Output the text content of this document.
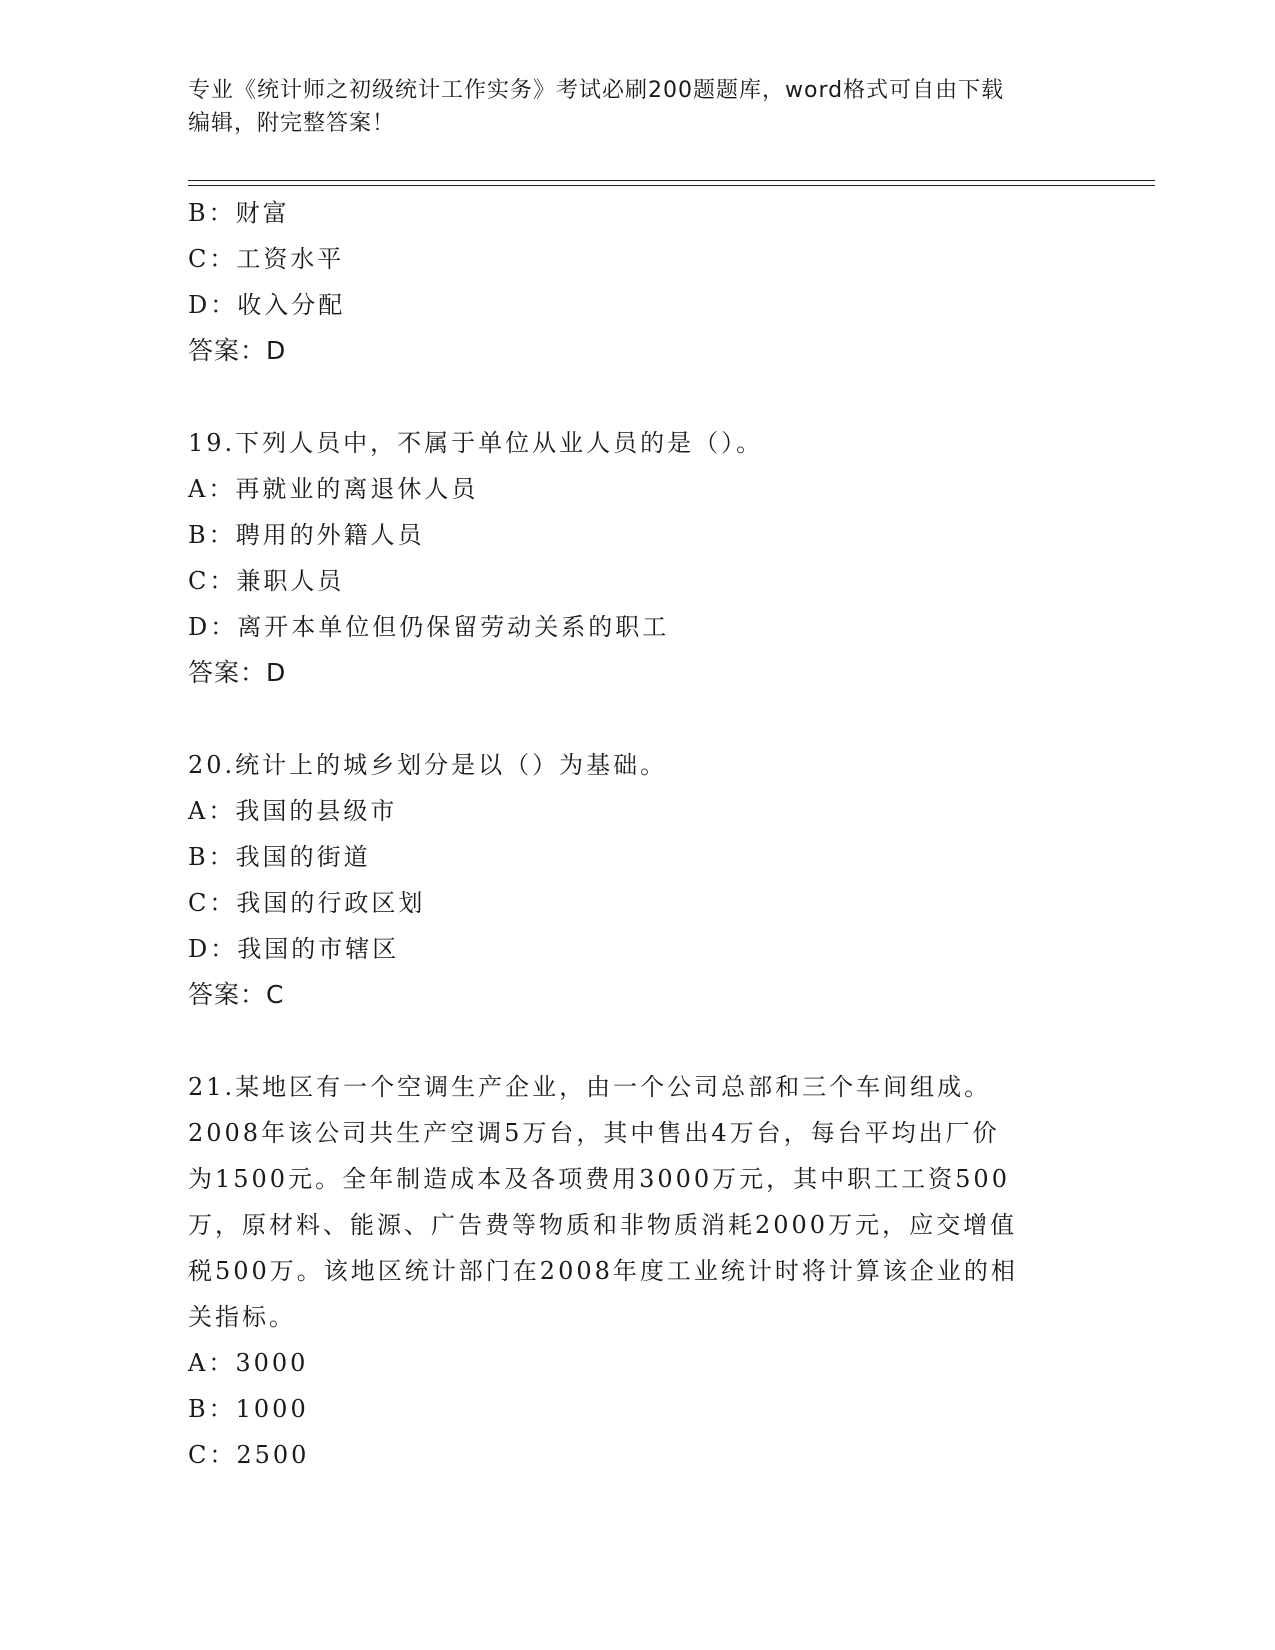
专业《统计师之初级统计工作实务》考试必刷200题题库，word格式可自由下载
编辑，附完整答案！
B：财富
C：工资水平
D：收入分配
答案：D
19.下列人员中，不属于单位从业人员的是（）。
A：再就业的离退休人员
B：聘用的外籍人员
C：兼职人员
D：离开本单位但仍保留劳动关系的职工
答案：D
20.统计上的城乡划分是以（）为基础。
A：我国的县级市
B：我国的街道
C：我国的行政区划
D：我国的市辖区
答案：C
21.某地区有一个空调生产企业，由一个公司总部和三个车间组成。
2008年该公司共生产空调5万台，其中售出4万台，每台平均出厂价
为1500元。全年制造成本及各项费用3000万元，其中职工工资500
万，原材料、能源、广告费等物质和非物质消耗2000万元，应交增值
税500万。该地区统计部门在2008年度工业统计时将计算该企业的相
关指标。
A：3000
B：1000
C：2500
